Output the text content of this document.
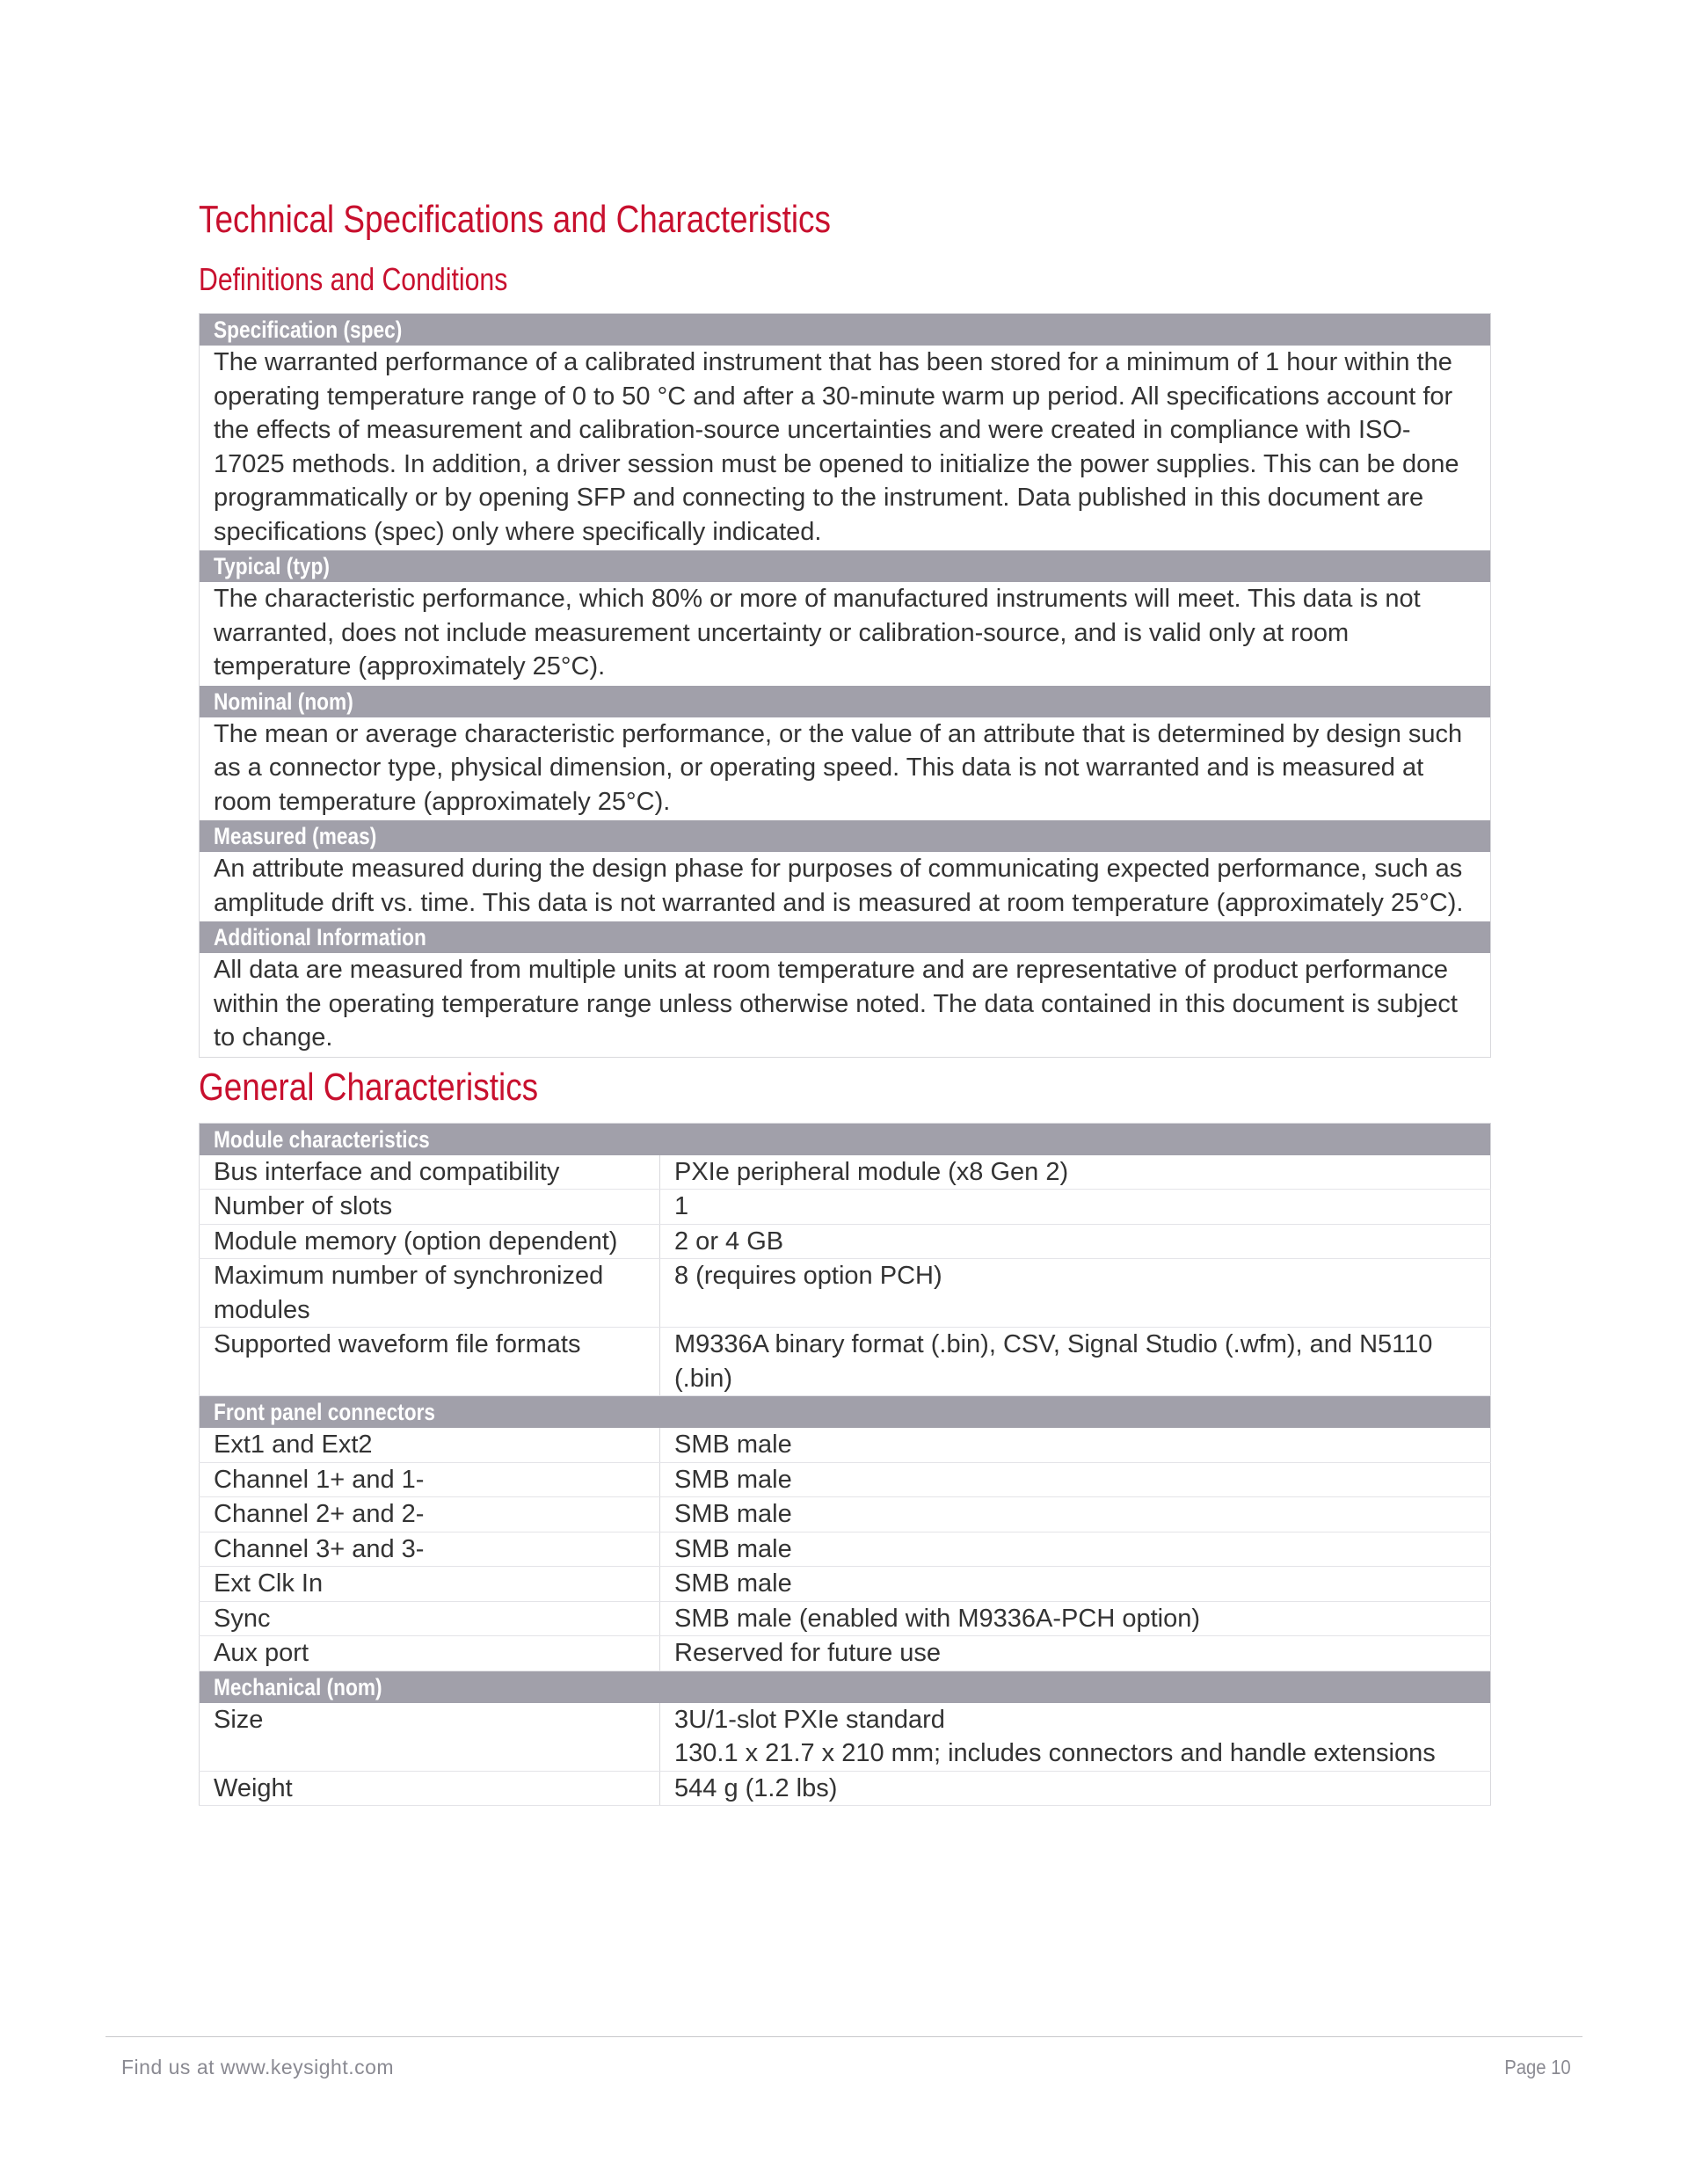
Technical Specifications and Characteristics
Definitions and Conditions
Specification (spec)
The warranted performance of a calibrated instrument that has been stored for a minimum of 1 hour within the operating temperature range of 0 to 50 °C and after a 30-minute warm up period. All specifications account for the effects of measurement and calibration-source uncertainties and were created in compliance with ISO-17025 methods. In addition, a driver session must be opened to initialize the power supplies. This can be done programmatically or by opening SFP and connecting to the instrument. Data published in this document are specifications (spec) only where specifically indicated.
Typical (typ)
The characteristic performance, which 80% or more of manufactured instruments will meet. This data is not warranted, does not include measurement uncertainty or calibration-source, and is valid only at room temperature (approximately 25°C).
Nominal (nom)
The mean or average characteristic performance, or the value of an attribute that is determined by design such as a connector type, physical dimension, or operating speed. This data is not warranted and is measured at room temperature (approximately 25°C).
Measured (meas)
An attribute measured during the design phase for purposes of communicating expected performance, such as amplitude drift vs. time. This data is not warranted and is measured at room temperature (approximately 25°C).
Additional Information
All data are measured from multiple units at room temperature and are representative of product performance within the operating temperature range unless otherwise noted. The data contained in this document is subject to change.
General Characteristics
Module characteristics	
Bus interface and compatibility	PXIe peripheral module (x8 Gen 2)
Number of slots	1
Module memory (option dependent)	2 or 4 GB
Maximum number of synchronized modules	8 (requires option PCH)
Supported waveform file formats	M9336A binary format (.bin), CSV, Signal Studio (.wfm), and N5110 (.bin)
Front panel connectors	
Ext1 and Ext2	SMB male
Channel 1+ and 1-	SMB male
Channel 2+ and 2-	SMB male
Channel 3+ and 3-	SMB male
Ext Clk In	SMB male
Sync	SMB male (enabled with M9336A-PCH option)
Aux port	Reserved for future use
Mechanical (nom)	
Size	3U/1-slot PXIe standard
130.1 x 21.7 x 210 mm; includes connectors and handle extensions
Weight	544 g (1.2 lbs)
Find us at www.keysight.com	Page 10
